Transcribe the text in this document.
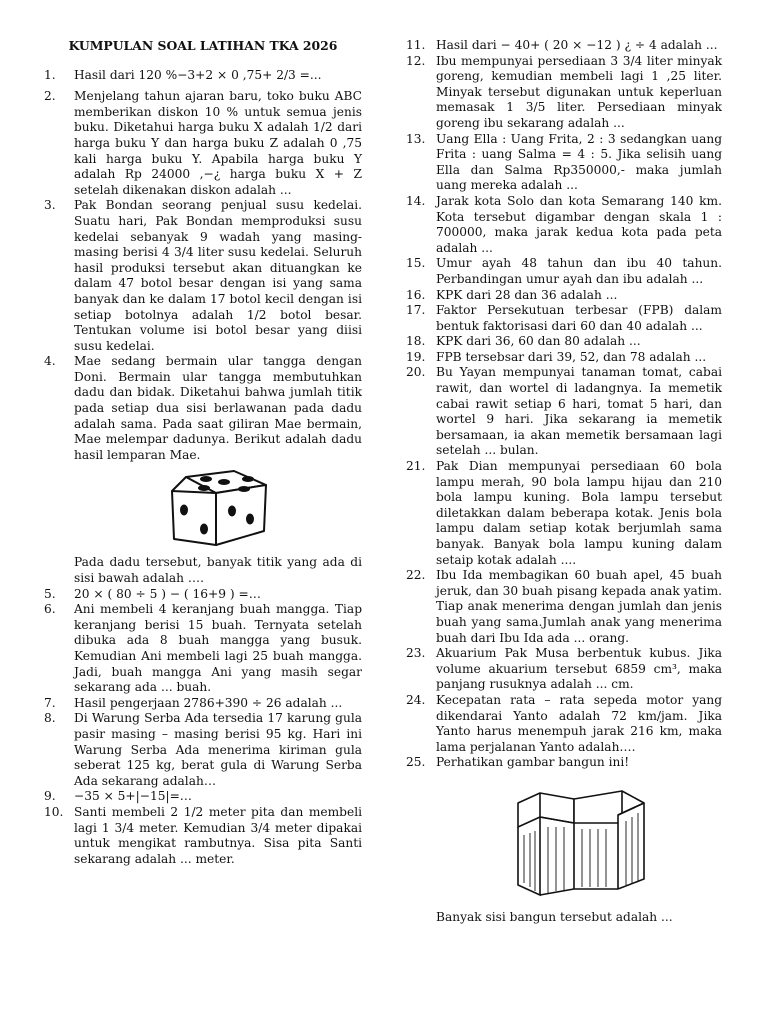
KUMPULAN SOAL LATIHAN TKA 2026
1. Hasil dari 120 %−3+2 × 0 ,75+ 2/3 =...

2. Menjelang tahun ajaran baru, toko buku ABC memberikan diskon 10 % untuk semua jenis buku. Diketahui harga buku X adalah 1/2 dari harga buku Y dan harga buku Z adalah 0 ,75 kali harga buku Y. Apabila harga buku Y adalah Rp 24000 ,−¿ harga buku X + Z setelah dikenakan diskon adalah ...

3. Pak Bondan seorang penjual susu kedelai. Suatu hari, Pak Bondan memproduksi susu kedelai sebanyak 9 wadah yang masing-masing berisi 4 3/4 liter susu kedelai. Seluruh hasil produksi tersebut akan dituangkan ke dalam 47 botol besar dengan isi yang sama banyak dan ke dalam 17 botol kecil dengan isi setiap botolnya adalah 1/2 botol besar. Tentukan volume isi botol besar yang diisi susu kedelai.

4. Mae sedang bermain ular tangga dengan Doni. Bermain ular tangga membutuhkan dadu dan bidak. Diketahui bahwa jumlah titik pada setiap dua sisi berlawanan pada dadu adalah sama. Pada saat giliran Mae bermain, Mae melempar dadunya. Berikut adalah dadu hasil lemparan Mae.

Pada dadu tersebut, banyak titik yang ada di sisi bawah adalah ….

5. 20 × ( 80 ÷ 5 ) − ( 16+9 ) =…

6. Ani membeli 4 keranjang buah mangga. Tiap keranjang berisi 15 buah. Ternyata setelah dibuka ada 8 buah mangga yang busuk. Kemudian Ani membeli lagi 25 buah mangga. Jadi, buah mangga Ani yang masih segar sekarang ada ... buah.

7. Hasil pengerjaan 2786+390 ÷ 26 adalah ...

8. Di Warung Serba Ada tersedia 17 karung gula pasir masing – masing berisi 95 kg. Hari ini Warung Serba Ada menerima kiriman gula seberat 125 kg, berat gula di Warung Serba Ada sekarang adalah…

9. −35 × 5+|−15|=…

10. Santi membeli 2 1/2 meter pita dan membeli lagi 1 3/4 meter. Kemudian 3/4 meter dipakai untuk mengikat rambutnya. Sisa pita Santi sekarang adalah ... meter.

11. Hasil dari − 40+ ( 20 × −12 ) ¿ ÷ 4 adalah ...

12. Ibu mempunyai persediaan 3 3/4 liter minyak goreng, kemudian membeli lagi 1 ,25 liter. Minyak tersebut digunakan untuk keperluan memasak 1 3/5 liter. Persediaan minyak goreng ibu sekarang adalah ...

13. Uang Ella : Uang Frita, 2 : 3 sedangkan uang Frita : uang Salma = 4 : 5. Jika selisih uang Ella dan Salma Rp350000,- maka jumlah uang mereka adalah ...

14. Jarak kota Solo dan kota Semarang 140 km. Kota tersebut digambar dengan skala 1 : 700000, maka jarak kedua kota pada peta adalah ...

15. Umur ayah 48 tahun dan ibu 40 tahun. Perbandingan umur ayah dan ibu adalah ...

16. KPK dari 28 dan 36 adalah ...

17. Faktor Persekutuan terbesar (FPB) dalam bentuk faktorisasi dari 60 dan 40 adalah ...

18. KPK dari 36, 60 dan 80 adalah ...

19. FPB tersebsar dari 39, 52, dan 78 adalah ...

20. Bu Yayan mempunyai tanaman tomat, cabai rawit, dan wortel di ladangnya. Ia memetik cabai rawit setiap 6 hari, tomat 5 hari, dan wortel 9 hari. Jika sekarang ia memetik bersamaan, ia akan memetik bersamaan lagi setelah ... bulan.

21. Pak Dian mempunyai persediaan 60 bola lampu merah, 90 bola lampu hijau dan 210 bola lampu kuning. Bola lampu tersebut diletakkan dalam beberapa kotak. Jenis bola lampu dalam setiap kotak berjumlah sama banyak. Banyak bola lampu kuning dalam setaip kotak adalah ....

22. Ibu Ida membagikan 60 buah apel, 45 buah jeruk, dan 30 buah pisang kepada anak yatim. Tiap anak menerima dengan jumlah dan jenis buah yang sama.Jumlah anak yang menerima buah dari Ibu Ida ada ... orang.

23. Akuarium Pak Musa berbentuk kubus. Jika volume akuarium tersebut 6859 cm³, maka panjang rusuknya adalah ... cm.

24. Kecepatan rata – rata sepeda motor yang dikendarai Yanto adalah 72 km/jam. Jika Yanto harus menempuh jarak 216 km, maka lama perjalanan Yanto adalah….

25. Perhatikan gambar bangun ini!

Banyak sisi bangun tersebut adalah ...
